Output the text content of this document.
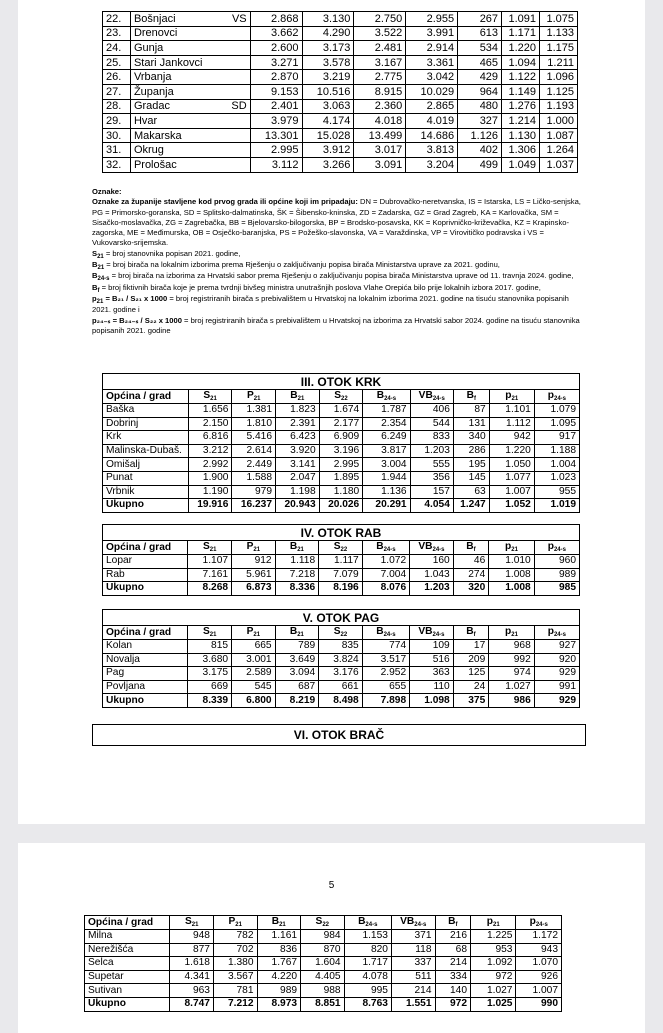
22.	Bošnjaci	VS	2.868	3.130	2.750	2.955	267	1.091	1.075
23.	Drenovci		3.662	4.290	3.522	3.991	613	1.171	1.133
24.	Gunja		2.600	3.173	2.481	2.914	534	1.220	1.175
25.	Stari Jankovci		3.271	3.578	3.167	3.361	465	1.094	1.211
26.	Vrbanja		2.870	3.219	2.775	3.042	429	1.122	1.096
27.	Županja		9.153	10.516	8.915	10.029	964	1.149	1.125
28.	Gradac	SD	2.401	3.063	2.360	2.865	480	1.276	1.193
29.	Hvar		3.979	4.174	4.018	4.019	327	1.214	1.000
30.	Makarska		13.301	15.028	13.499	14.686	1.126	1.130	1.087
31.	Okrug		2.995	3.912	3.017	3.813	402	1.306	1.264
32.	Prološac		3.112	3.266	3.091	3.204	499	1.049	1.037

Oznake:

Oznake za županije stavljene kod prvog grada ili općine koji im pripadaju: DN = Dubrovačko-neretvanska, IS = Istarska, LS = Ličko-senjska, PG = Primorsko-goranska, SD = Splitsko-dalmatinska, ŠK = Šibensko-kninska, ZD = Zadarska, GZ = Grad Zagreb, KA = Karlovačka, SM = Sisačko-moslavačka, ZG = Zagrebačka, BB = Bjelovarsko-bilogorska, BP = Brodsko-posavska, KK = Koprivničko-križevačka, KZ = Krapinsko-zagorska, ME = Međimurska, OB = Osječko-baranjska, PS = Požeško-slavonska, VA = Varaždinska, VP = Virovitičko podravska i VS = Vukovarsko-srijemska.

$S_{21}$ = broj stanovnika popisan 2021. godine,

$B_{21}$ = broj birača na lokalnim izborima prema Rješenju o zaključivanju popisa birača Ministarstva uprave za 2021. godinu,

$B_{24-s}$ = broj birača na izborima za Hrvatski sabor prema Rješenju o zaključivanju popisa birača Ministarstva uprave od 11. travnja 2024. godine,

$B_f$ = broj fiktivnih birača koje je prema tvrdnji bivšeg ministra unutrašnjih poslova Vlahe Orepića bilo prije lokalnih izbora 2017. godine,

$p_{21} = B_{21} / S_{21}$ x 1000 = broj registriranih birača s prebivalištem u Hrvatskoj na lokalnim izborima 2021. godine na tisuću stanovnika popisanih 2021. godine i

p₂₄₋ₛ = B₂₄₋ₛ / S₂₂ x 1000 = broj registriranih birača s prebivalištem u Hrvatskoj na izborima za Hrvatski sabor 2024. godine na tisuću stanovnika popisanih 2021. godine

III. OTOK KRK									
Općina / grad	S21	P21	B21	S22	B24-s	VB24-s	Bf	p21	p24-s
Baška	1.656	1.381	1.823	1.674	1.787	406	87	1.101	1.079
Dobrinj	2.150	1.810	2.391	2.177	2.354	544	131	1.112	1.095
Krk	6.816	5.416	6.423	6.909	6.249	833	340	942	917
Malinska-Dubaš.	3.212	2.614	3.920	3.196	3.817	1.203	286	1.220	1.188
Omišalj	2.992	2.449	3.141	2.995	3.004	555	195	1.050	1.004
Punat	1.900	1.588	2.047	1.895	1.944	356	145	1.077	1.023
Vrbnik	1.190	979	1.198	1.180	1.136	157	63	1.007	955
Ukupno	19.916	16.237	20.943	20.026	20.291	4.054	1.247	1.052	1.019
IV. OTOK RAB									
Općina / grad	S21	P21	B21	S22	B24-s	VB24-s	Bf	p21	p24-s
Lopar	1.107	912	1.118	1.117	1.072	160	46	1.010	960
Rab	7.161	5.961	7.218	7.079	7.004	1.043	274	1.008	989
Ukupno	8.268	6.873	8.336	8.196	8.076	1.203	320	1.008	985
V. OTOK PAG									
Općina / grad	S21	P21	B21	S22	B24-s	VB24-s	Bf	p21	p24-s
Kolan	815	665	789	835	774	109	17	968	927
Novalja	3.680	3.001	3.649	3.824	3.517	516	209	992	920
Pag	3.175	2.589	3.094	3.176	2.952	363	125	974	929
Povljana	669	545	687	661	655	110	24	1.027	991
Ukupno	8.339	6.800	8.219	8.498	7.898	1.098	375	986	929
VI. OTOK BRAČ
5
Općina / grad	S21	P21	B21	S22	B24-s	VB24-s	Bf	p21	p24-s
Milna	948	782	1.161	984	1.153	371	216	1.225	1.172
Nerežišća	877	702	836	870	820	118	68	953	943
Selca	1.618	1.380	1.767	1.604	1.717	337	214	1.092	1.070
Supetar	4.341	3.567	4.220	4.405	4.078	511	334	972	926
Sutivan	963	781	989	988	995	214	140	1.027	1.007
Ukupno	8.747	7.212	8.973	8.851	8.763	1.551	972	1.025	990
